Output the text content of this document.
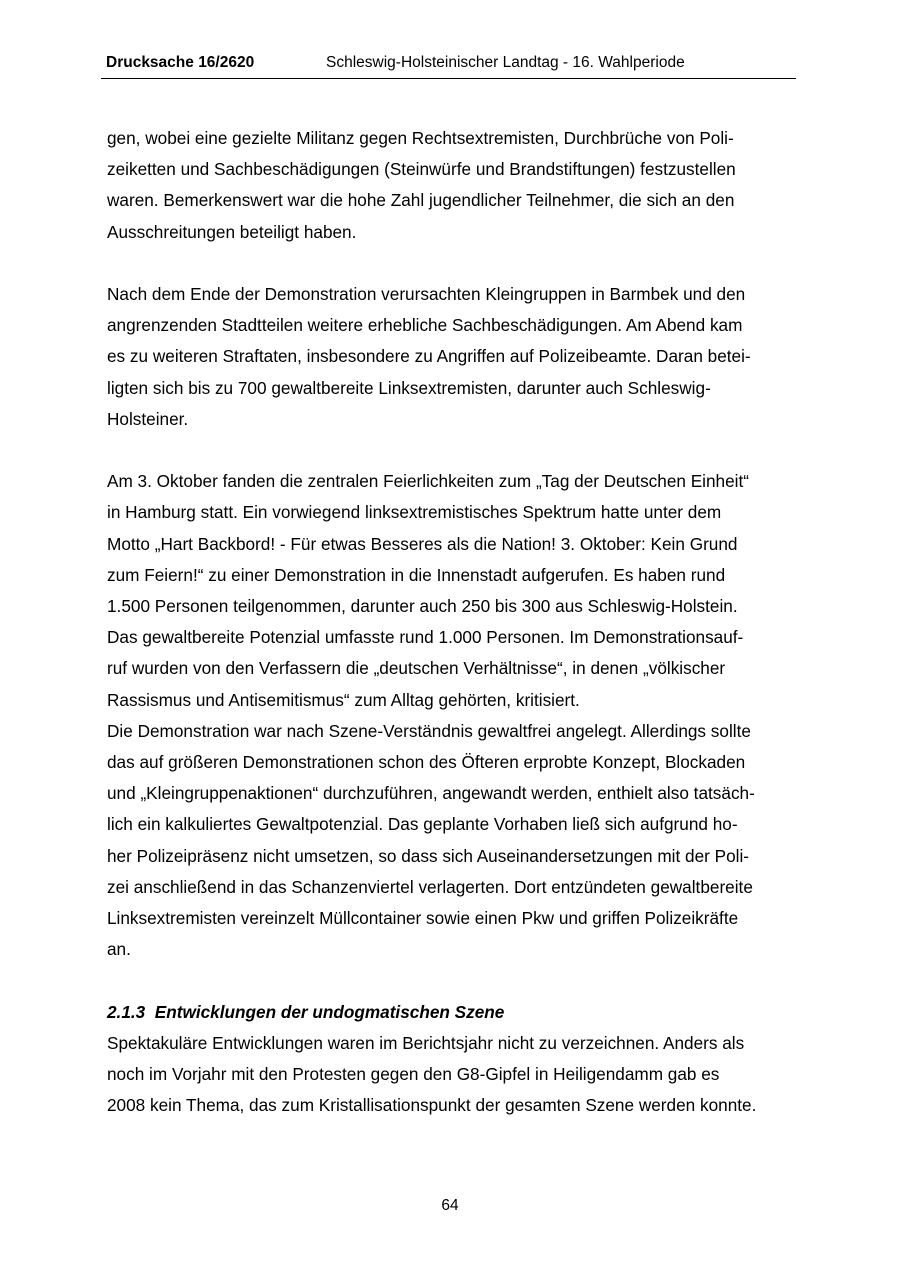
Drucksache 16/2620	Schleswig-Holsteinischer Landtag - 16. Wahlperiode

gen, wobei eine gezielte Militanz gegen Rechtsextremisten, Durchbrüche von Poli-
zeiketten und Sachbeschädigungen (Steinwürfe und Brandstiftungen) festzustellen
waren. Bemerkenswert war die hohe Zahl jugendlicher Teilnehmer, die sich an den
Ausschreitungen beteiligt haben.

Nach dem Ende der Demonstration verursachten Kleingruppen in Barmbek und den
angrenzenden Stadtteilen weitere erhebliche Sachbeschädigungen. Am Abend kam
es zu weiteren Straftaten, insbesondere zu Angriffen auf Polizeibeamte. Daran betei-
ligten sich bis zu 700 gewaltbereite Linksextremisten, darunter auch Schleswig-
Holsteiner.

Am 3. Oktober fanden die zentralen Feierlichkeiten zum „Tag der Deutschen Einheit“
in Hamburg statt. Ein vorwiegend linksextremistisches Spektrum hatte unter dem
Motto „Hart Backbord! - Für etwas Besseres als die Nation! 3. Oktober: Kein Grund
zum Feiern!“ zu einer Demonstration in die Innenstadt aufgerufen. Es haben rund
1.500 Personen teilgenommen, darunter auch 250 bis 300 aus Schleswig-Holstein.
Das gewaltbereite Potenzial umfasste rund 1.000 Personen. Im Demonstrationsauf-
ruf wurden von den Verfassern die „deutschen Verhältnisse“, in denen „völkischer
Rassismus und Antisemitismus“ zum Alltag gehörten, kritisiert.

Die Demonstration war nach Szene-Verständnis gewaltfrei angelegt. Allerdings sollte
das auf größeren Demonstrationen schon des Öfteren erprobte Konzept, Blockaden
und „Kleingruppenaktionen“ durchzuführen, angewandt werden, enthielt also tatsäch-
lich ein kalkuliertes Gewaltpotenzial. Das geplante Vorhaben ließ sich aufgrund ho-
her Polizeipräsenz nicht umsetzen, so dass sich Auseinandersetzungen mit der Poli-
zei anschließend in das Schanzenviertel verlagerten. Dort entzündeten gewaltbereite
Linksextremisten vereinzelt Müllcontainer sowie einen Pkw und griffen Polizeikräfte
an.

2.1.3 Entwicklungen der undogmatischen Szene

Spektakuläre Entwicklungen waren im Berichtsjahr nicht zu verzeichnen. Anders als
noch im Vorjahr mit den Protesten gegen den G8-Gipfel in Heiligendamm gab es
2008 kein Thema, das zum Kristallisationspunkt der gesamten Szene werden konnte.

64
